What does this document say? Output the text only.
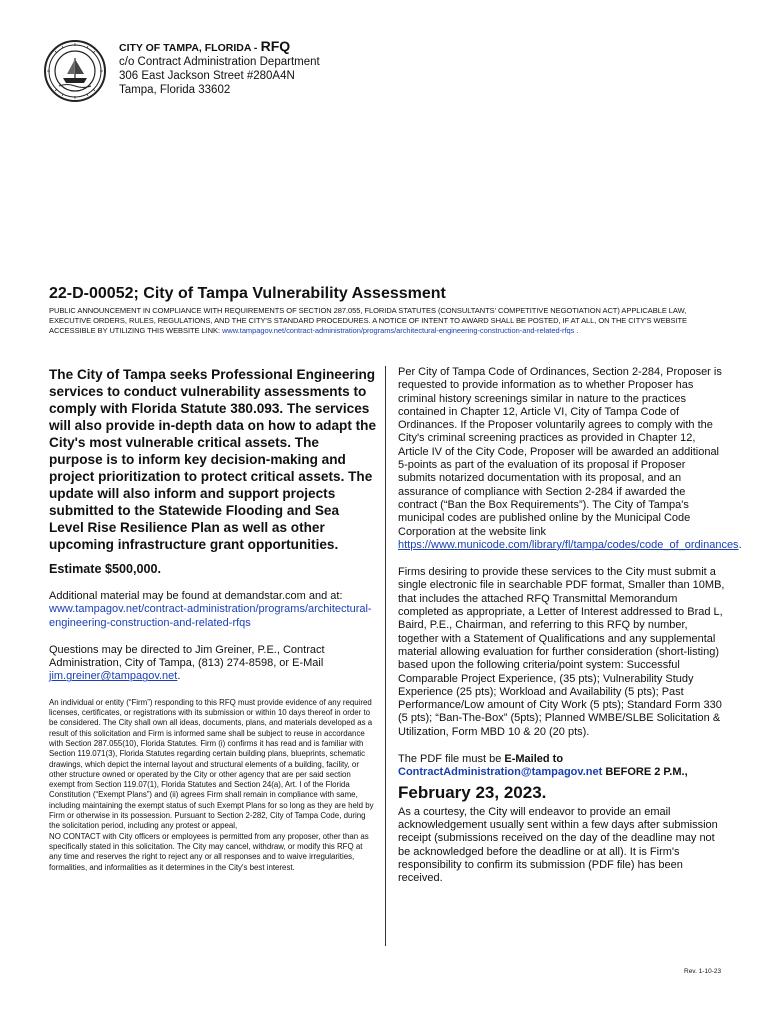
CITY OF TAMPA, FLORIDA - RFQ
c/o Contract Administration Department
306 East Jackson Street #280A4N
Tampa, Florida 33602
22-D-00052; City of Tampa Vulnerability Assessment
PUBLIC ANNOUNCEMENT IN COMPLIANCE WITH REQUIREMENTS OF SECTION 287.055, FLORIDA STATUTES (CONSULTANTS' COMPETITIVE NEGOTIATION ACT) APPLICABLE LAW, EXECUTIVE ORDERS, RULES, REGULATIONS, AND THE CITY'S STANDARD PROCEDURES. A NOTICE OF INTENT TO AWARD SHALL BE POSTED, IF AT ALL, ON THE CITY'S WEBSITE ACCESSIBLE BY UTILIZING THIS WEBSITE LINK: www.tampagov.net/contract-administration/programs/architectural-engineering-construction-and-related-rfqs .

The City of Tampa seeks Professional Engineering services to conduct vulnerability assessments to comply with Florida Statute 380.093. The services will also provide in-depth data on how to adapt the City's most vulnerable critical assets. The purpose is to inform key decision-making and project prioritization to protect critical assets. The update will also inform and support projects submitted to the Statewide Flooding and Sea Level Rise Resilience Plan as well as other upcoming infrastructure grant opportunities.

Estimate $500,000.
Additional material may be found at demandstar.com and at: www.tampagov.net/contract-administration/programs/architectural-engineering-construction-and-related-rfqs
Questions may be directed to Jim Greiner, P.E., Contract Administration, City of Tampa, (813) 274-8598, or E-Mail jim.greiner@tampagov.net.
An individual or entity (“Firm”) responding to this RFQ must provide evidence of any required licenses, certificates, or registrations with its submission or within 10 days thereof in order to be considered. The City shall own all ideas, documents, plans, and materials developed as a result of this solicitation and Firm is informed same shall be subject to reuse in accordance with Section 287.055(10), Florida Statutes. Firm (i) confirms it has read and is familiar with Section 119.071(3), Florida Statutes regarding certain building plans, blueprints, schematic drawings, which depict the internal layout and structural elements of a building, facility, or other structure owned or operated by the City or other agency that are per said section exempt from Section 119.07(1), Florida Statutes and Section 24(a), Art. I of the Florida Constitution (“Exempt Plans”) and (ii) agrees Firm shall remain in compliance with same, including maintaining the exempt status of such Exempt Plans for so long as they are held by Firm or otherwise in its possession. Pursuant to Section 2-282, City of Tampa Code, during the solicitation period, including any protest or appeal,
NO CONTACT with City officers or employees is permitted from any proposer, other than as specifically stated in this solicitation. The City may cancel, withdraw, or modify this RFQ at any time and reserves the right to reject any or all responses and to waive irregularities, formalities, and informalities as it determines in the City's best interest.
Per City of Tampa Code of Ordinances, Section 2-284, Proposer is requested to provide information as to whether Proposer has criminal history screenings similar in nature to the practices contained in Chapter 12, Article VI, City of Tampa Code of Ordinances. If the Proposer voluntarily agrees to comply with the City's criminal screening practices as provided in Chapter 12, Article IV of the City Code, Proposer will be awarded an additional 5-points as part of the evaluation of its proposal if Proposer submits notarized documentation with its proposal, and an assurance of compliance with Section 2-284 if awarded the contract (“Ban the Box Requirements”). The City of Tampa's municipal codes are published online by the Municipal Code Corporation at the website link https://www.municode.com/library/fl/tampa/codes/code_of_ordinances.
Firms desiring to provide these services to the City must submit a single electronic file in searchable PDF format, Smaller than 10MB, that includes the attached RFQ Transmittal Memorandum completed as appropriate, a Letter of Interest addressed to Brad L, Baird, P.E., Chairman, and referring to this RFQ by number, together with a Statement of Qualifications and any supplemental material allowing evaluation for further consideration (short-listing) based upon the following criteria/point system: Successful Comparable Project Experience, (35 pts); Vulnerability Study Experience (25 pts); Workload and Availability (5 pts); Past Performance/Low amount of City Work (5 pts); Standard Form 330 (5 pts); “Ban-The-Box” (5pts); Planned WMBE/SLBE Solicitation & Utilization, Form MBD 10 & 20 (20 pts).
The PDF file must be E-Mailed to
ContractAdministration@tampagov.net BEFORE 2 P.M.,
February 23, 2023.
As a courtesy, the City will endeavor to provide an email acknowledgement usually sent within a few days after submission receipt (submissions received on the day of the deadline may not be acknowledged before the deadline or at all). It is Firm's responsibility to confirm its submission (PDF file) has been received.
Rev. 1-10-23
